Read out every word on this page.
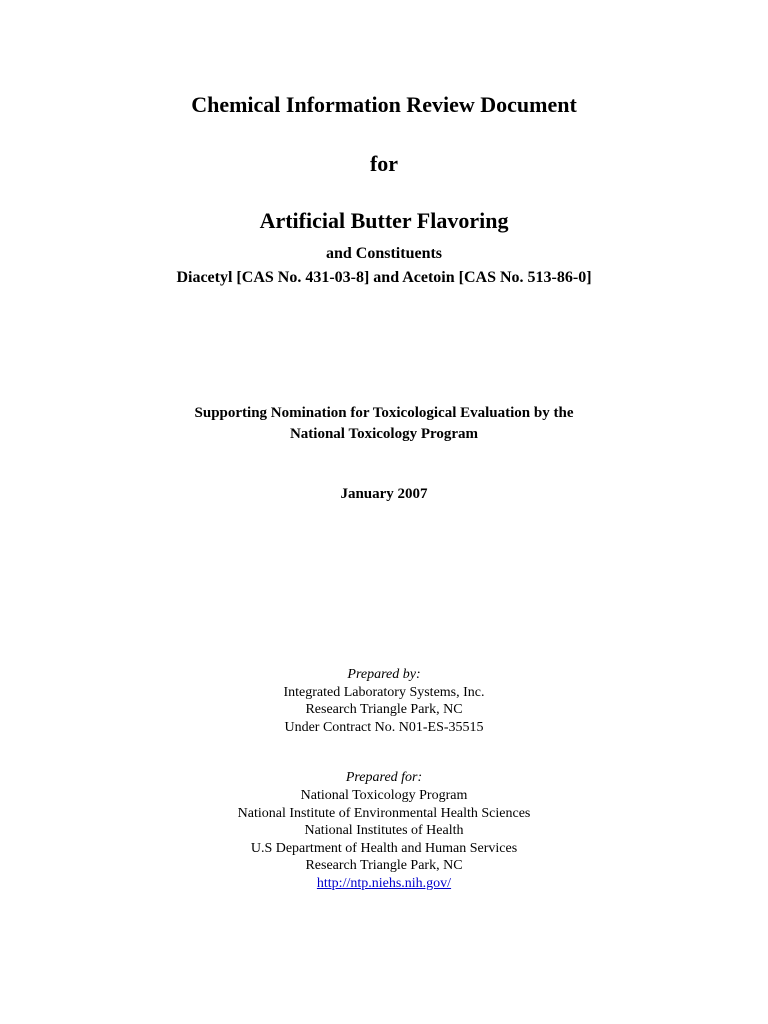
Chemical Information Review Document
for
Artificial Butter Flavoring
and Constituents
Diacetyl [CAS No. 431-03-8] and Acetoin [CAS No. 513-86-0]
Supporting Nomination for Toxicological Evaluation by the
National Toxicology Program
January 2007
Prepared by:
Integrated Laboratory Systems, Inc.
Research Triangle Park, NC
Under Contract No. N01-ES-35515
Prepared for:
National Toxicology Program
National Institute of Environmental Health Sciences
National Institutes of Health
U.S Department of Health and Human Services
Research Triangle Park, NC
http://ntp.niehs.nih.gov/
